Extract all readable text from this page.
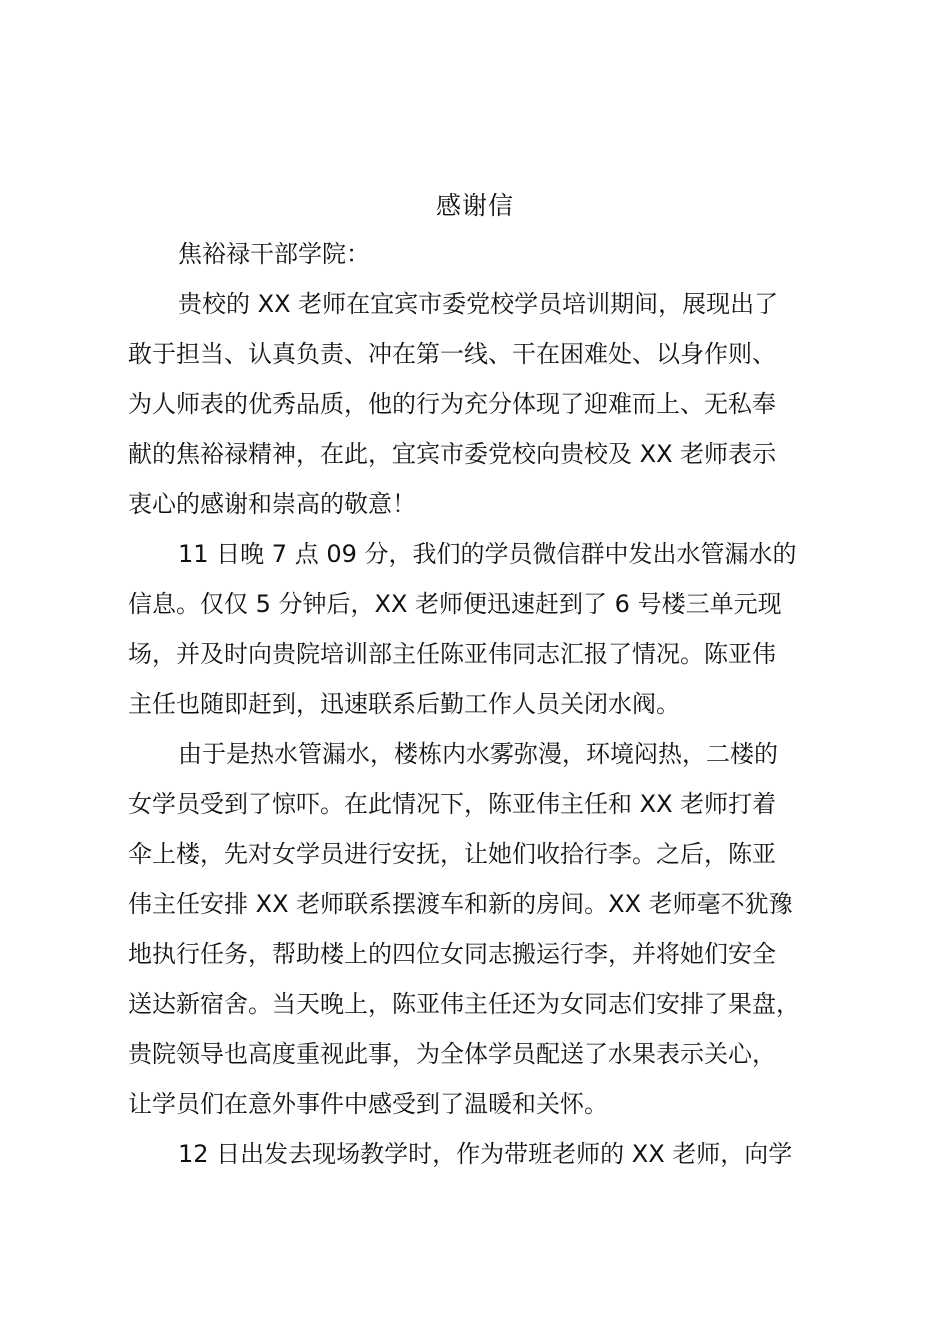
感谢信
焦裕禄干部学院：
贵校的 XX 老师在宜宾市委党校学员培训期间，展现出了
敢于担当、认真负责、冲在第一线、干在困难处、以身作则、
为人师表的优秀品质，他的行为充分体现了迎难而上、无私奉
献的焦裕禄精神，在此，宜宾市委党校向贵校及 XX 老师表示
衷心的感谢和崇高的敬意！
11 日晚 7 点 09 分，我们的学员微信群中发出水管漏水的
信息。仅仅 5 分钟后，XX 老师便迅速赶到了 6 号楼三单元现
场，并及时向贵院培训部主任陈亚伟同志汇报了情况。陈亚伟
主任也随即赶到，迅速联系后勤工作人员关闭水阀。
由于是热水管漏水，楼栋内水雾弥漫，环境闷热，二楼的
女学员受到了惊吓。在此情况下，陈亚伟主任和 XX 老师打着
伞上楼，先对女学员进行安抚，让她们收拾行李。之后，陈亚
伟主任安排 XX 老师联系摆渡车和新的房间。XX 老师毫不犹豫
地执行任务，帮助楼上的四位女同志搬运行李，并将她们安全
送达新宿舍。当天晚上，陈亚伟主任还为女同志们安排了果盘，
贵院领导也高度重视此事，为全体学员配送了水果表示关心，
让学员们在意外事件中感受到了温暖和关怀。
12 日出发去现场教学时，作为带班老师的 XX 老师，向学
